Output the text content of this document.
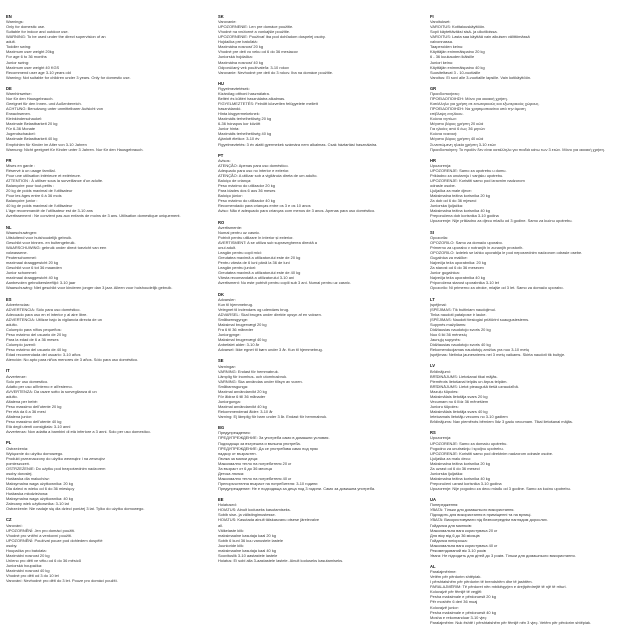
EN
Warnings:
Only for domestic use.
Suitable for indoor and outdoor use.
WARNING: To be used under the direct supervision of an
adult.
Toddler swing:
Maximum user weight 20kg
For age 6 to 36 months
Junior swing:
Maximum user weight 40 KGS
Recommend user age 3-10 years old
Warning: Not suitable for children under 3 years. Only for domestic use.
DE
Warnhinweise:
Nur für den Hausgebrauch.
Geeignet für den Innen- und Außenbereich.
ACHTUNG: Benutzung unter unmittelbarer Aufsicht von
Erwachsenen.
Kleinkinderschaukel:
Maximale Belastbarkeit 20 kg
Für 6-36 Monate
Jugendschaukel:
Maximale Belastbarkeit 40 kg
Empfohlen für Kinder im Alter von 3-10 Jahren
Warnung: Nicht geeignet für Kinder unter 3 Jahren. Nur für den Hausgebrauch.
FR
Mises en garde :
Réservé à un usage familial.
Pour une utilisation intérieure et extérieure.
ATTENTION : À utiliser sous la surveillance d'un adulte.
Balançoire pour tout-petits :
20 kg de poids maximal de l'utilisateur
Pour les âges entre 6 à 36 mois
Balançoire junior :
40 kg de poids maximal de l'utilisateur
L'âge recommandé de l'utilisateur est de 3-10 ans
Avertissement : Ne convient pas aux enfants de moins de 3 ans. Utilisation domestique uniquement.
NL
Waarschuwingen:
Uitsluitend voor huishoudelijk gebruik.
Geschikt voor binnen- en buitengebruik.
WAARSCHUWING: gebruik onder direct toezicht van een
volwassene.
Peuterschommel:
maximaal draaggewicht 20 kg
Geschikt voor 6 tot 36 maanden
Junior schommel:
maximaal draaggewicht 40 kg
Aanbevolen gebruikersleeftijd: 3-10 jaar
Waarschuwing: Niet geschikt voor kinderen jonger dan 3 jaar. Alleen voor huishoudelijk gebruik.
ES
Advertencias:
ADVERTENCIA: Sólo para uso doméstico.
Adecuado para uso en el interior y al aire libre.
ADVERTENCIA: Utilizar bajo la vigilancia directa de un
adulto.
Columpio para niños pequeños:
Peso máximo del usuario de 20 kg
Para la edad de 6 a 36 meses
Columpio juvenil:
Peso máximo del usuario de 40 kg
Edad recomendada del usuario: 3-10 años
Atención: No apto para niños menores de 3 años. Sólo para uso doméstico.
IT
Avvertenze:
Solo per uso domestico.
Adatto per uso all'interno e all'esterno.
AVVERTENZA: Da usare sotto la sorveglianza di un
adulto.
Altalena per bebè:
Peso massimo dell'utente 20 kg
Per età da 6 a 36 mesi
Altalena junior:
Peso massimo dell'utente 40 kg
Età degli utenti consigliata: 3-10 anni
Avvertenza: Non adatta a bambini di età inferiore a 3 anni. Solo per uso domestico.
PL
Ostrzeżenia:
Wyłącznie do użytku domowego.
Produkt przeznaczony do użytku wewnątrz i na zewnątrz
pomieszczeń.
OSTRZEŻENIE: Do użytku pod bezpośrednim nadzorem
osoby dorosłej.
Huśtawka dla maluchów:
Maksymalna waga użytkownika: 20 kg
Dla dzieci w wieku od 6 do 36 miesięcy
Huśtawka młodzieżowa:
Maksymalna waga użytkownika: 40 kg
Zalecany wiek użytkownika: 3-10 lat
Ostrzeżenie: Nie nadaje się dla dzieci poniżej 3 lat. Tylko do użytku domowego.
CZ
Varování:
UPOZORNĚNÍ: Jen pro domácí použití.
Vhodné pro vnitřní a venkovní použití.
UPOZORNĚNÍ: Používat pouze pod dohledem dospělé
osoby.
Houpačka pro batolata:
Maximální nosnost 20 kg
Určeno pro děti ve věku od 6 do 36 měsíců
Juniorská houpačka:
Maximální nosnost 40 kg
Vhodné pro děti od 3 do 10 let
Varování: Nevhodné pro děti do 3 let. Pouze pro domácí použití.
SK
Varovanie:
UPOZORNENIE: Len pre domáce použitie.
Vhodné na vnútorné a vonkajšie použitie.
UPOZORNENIE: Používať iba pod dohľadom dospelej osoby.
Hojdačka pre batoľatá:
Maximálna nosnosť 20 kg
Vhodné pre deti vo veku od 6 do 36 mesiacov
Juniorská hojdačka:
Maximálna nosnosť 40 kg
Odporúčaný vek používateľa: 3-10 rokov
Varovanie: Nevhodné pre deti do 3 rokov. Iba na domáce použitie.
HU
Figyelmeztetések:
Kizárólag otthoni használatra.
Beltéri és kültéri használatra alkalmas.
FIGYELMEZTETÉS: Felnőtt közvetlen felügyelete mellett
használandó.
Hinta kisgyermekeknek:
Maximális terhelhetőség 20 kg
6-36 hónapos kor között
Junior hinta:
Maximális terhelhetőség 40 kg
Ajánlott életkor: 3-10 év
Figyelmeztetés: 3 év alatti gyermekek számára nem alkalmas. Csak háztartási használatra.
PT
Avisos:
ATENÇÃO: Apenas para uso doméstico.
Adequado para uso no interior e exterior.
ATENÇÃO: A utilizar sob a vigilância direta de um adulto.
Baloiço de criança:
Peso máximo do utilizador 20 kg
Para idades dos 6 aos 36 meses
Baloiço júnior:
Peso máximo do utilizador 40 kg
Recomendado para crianças entre os 3 e os 10 anos
Aviso: Não é adequado para crianças com menos de 3 anos. Apenas para uso doméstico.
RO
Avertismente:
Numai pentru uz casnic.
Potrivit pentru utilizare în interior și exterior.
AVERTISMENT: A se utiliza sub supravegherea directă a
unui adult.
Leagăn pentru copii mici:
Greutatea maximă a utilizatorului este de 20 kg
Pentru vârsta de 6 luni până la 36 de luni
Leagăn pentru juniori:
Greutatea maximă a utilizatorului este de 40 kg
Vârsta recomandată a utilizatorului 3-10 ani
Avertisment: Nu este potrivit pentru copiii sub 3 ani. Numai pentru uz casnic.
DK
Advarsler:
Kun til hjemmebrug.
Velegnet til indendørs og udendørs brug.
ADVARSEL: Skal bruges under direkte opsyn af en voksen.
Småbørnsgynge:
Maksimal brugervægt 20 kg
Fra 6 til 36 måneder
Juniorgynge:
Maksimal brugervægt 40 kg
Anbefalet alder: 3-10 år
Advarsel: Ikke egnet til børn under 3 år. Kun til hjemmebrug.
SE
Varningar:
VARNING: Endast för hemmabruk.
Lämplig för inomhus- och utomhusbruk.
VARNING: Ska användas under tillsyn av vuxen.
Småbarnsgunga:
Maximal användarvikt 20 kg
För åldrar 6 till 36 månader
Juniorgunga:
Maximal användarvikt 40 kg
Rekommenderad ålder: 3-10 år
Varning: Ej lämplig för barn under 3 år. Endast för hemmabruk.
BG
Предупреждения:
ПРЕДУПРЕЖДЕНИЕ: За употреба само в домашни условия.
Подходящо за вътрешна и външна употреба.
ПРЕДУПРЕЖДЕНИЕ: Да се употребява само под пряк
надзор от възрастен.
Люлка за малки деца:
Максимално тегло на потребителя 20 кг
За възраст от 6 до 36 месеца
Детска люлка:
Максимално тегло на потребителя 40 кг
Препоръчителна възраст на потребителя: 3-10 години
Предупреждение: Не е подходяща за деца под 3 години. Само за домашна употреба.
EE
Hoiatused:
HOIATUS: Ainult koduseks kasutamiseks.
Sobib sise- ja välistingimustesse.
HOIATUS: Kasutada ainult täiskasvanu otsese järelevalve
all.
Väikelaste kiik:
maksimaalne kasutaja kaal 20 kg
Sobib 6 kuni 36 kuu vanustele lastele
Juunioride kiik:
maksimaalne kasutaja kaal 40 kg
Soovituslik 3-10 aastastele lastele
Hoiatus: Ei sobi alla 3-aastastele lastele. Ainult koduseks kasutamiseks.
FI
Varoitukset:
VAROITUS: Kotitalouskäyttöön.
Sopii käytettäväksi sisä- ja ulkotiloissa.
VAROITUS: Lasta saa käyttää vain aikuisen välittömässä
valvonnassa.
Taaperoiden keinu:
Käyttäjän enimmäispaino 20 kg
6 - 36 kuukauden ikäisille
Juniori keinu:
Käyttäjän enimmäispaino 40 kg
Suositeltavat 3 - 10-vuotiaille
Varoitus: Ei sovi alle 3-vuotiaille lapsille. Vain kotikäyttöön.
GR
Προειδοποιήσεις:
ΠΡΟΕΙΔΟΠΟΙΗΣΗ: Μόνο για οικιακή χρήση.
Κατάλληλο για χρήση σε εσωτερικούς και εξωτερικούς χώρους.
ΠΡΟΕΙΔΟΠΟΙΗΣΗ: Να χρησιμοποιείται υπό την άμεση
επίβλεψη ενηλίκου.
Κούνια νηπίων:
Μέγιστο βάρος χρήστη 20 κιλά
Για ηλικίες από 6 έως 36 μηνών
Κούνια νεανική:
Μέγιστο βάρος χρήστη 40 κιλά
Συνιστώμενη ηλικία χρήστη 3-10 ετών
Προειδοποίηση: Το προϊόν δεν είναι κατάλληλο για παιδιά κάτω των 3 ετών. Μόνο για οικιακή χρήση.
HR
Upozorenja:
UPOZORENJE: Samo za upotrebu u domu.
Prikladno za unutarnju i vanjsku upotrebu.
UPOZORENJE: Koristiti samo pod izravnim nadzorom
odrasle osobe.
Ljuljačka za male djece:
Maksimalna težina korisnika 20 kg
Za dob od 6 do 36 mjeseci
Juniorska ljuljačka:
Maksimalna težina korisnika 40 kg
Preporučena dob korisnika 3-10 godina
Upozorenje: Nije prikladno za djecu mlađu od 3 godine. Samo za kućnu upotrebu.
SI
Opozorila:
OPOZORILO: Samo za domačo uporabo.
Primerno za uporabo v notranjih in zunanjih prostorih.
OPOZORILO: Izdelek se lahko uporablja le pod neposrednim nadzorom odrasle osebe.
Gugalnica za malčke:
Največja teža uporabnika: 20 kg
Za starost od 6 do 36 mesecev
Junior gugalnica:
Največja teža uporabnika 40 kg
Priporočena starost uporabnika 3-10 let
Opozorilo: Ni primerno za otroke, mlajše od 3 let. Samo za domačo uporabo.
LT
Įspėjimai:
ĮSPĖJIMAS: Tik buitiniam naudojimui.
Tinka naudoti patalpose ir lauke.
ĮSPĖJIMAS: Naudoti tiesiogiai prižiūrint suaugusiesiems.
Supynės mažyliams:
Didžiausias naudotojo svoris 20 kg
Nuo 6 iki 36 mėnesių
Jaunųjų supynės:
Didžiausias naudotojo svoris 40 kg
Rekomenduojamas naudotojų amžius yra nuo 3-10 metų
Įspėjimas: Netinka jaunesniems nei 3 metų vaikams. Skirta naudoti tik buityje.
LV
Brīdinājumi:
BRĪDINĀJUMS: Lietošanai tikai mājās.
Piemērots lietošanai telpās un ārpus telpām.
BRĪDINĀJUMS: Lietot pieaugušā tiešā uzraudzībā.
Mazuļu šūpoles:
Maksimālais lietotāja svars 20 kg
Vecumam no 6 līdz 36 mēnešiem
Junioru šūpoles:
Maksimālais lietotāja svars 40 kg
Ieteicamais lietotāju vecums no 3-10 gadiem
Brīdinājums: Nav piemērots bērniem līdz 3 gadu vecumam. Tikai lietošanai mājās.
RS
Upozorenja:
UPOZORENJE: Samo za domaću upotrebu.
Pogodno za unutrašnju i spoljnu upotrebu.
UPOZORENJE: Koristiti samo pod direktnim nadzorom odrasle osobe.
Ljuljaška za malu decu:
Maksimalna težina korisnika 20 kg
Za uzrast od 6 do 36 meseci
Juniorska ljuljaška:
Maksimalna težina korisnika 40 kg
Preporučeni uzrast korisnika 3-10 godina
Upozorenje: Nije pogodno za decu mlađu od 3 godine. Samo za kućnu upotrebu.
UA
Попередження:
УВАГА: Тільки для домашнього використання.
Підходить для використання в приміщенні та на вулиці.
УВАГА: Використовувати під безпосереднім наглядом дорослих.
Гойдалка для малюків:
Максимальна вага користувача 20 кг
Для віку від 6 до 36 місяців
Гойдалка юніорська:
Максимальна вага користувача 40 кг
Рекомендований вік 3-10 років
Увага: Не підходить для дітей до 3 років. Тільки для домашнього використання.
AL
Paralajmërime:
Vetëm për përdorim shtëpiak.
I përshtatshëm për përdorim të brendshëm dhe të jashtëm.
PARALAJMËRIM: Të përdoret nën mbikëqyrjen e drejtpërdrejtë të një të rrituri.
Kolovajzë për fëmijë të vegjël:
Pesha maksimale e përdoruesit 20 kg
Për moshën 6 deri 36 muaj
Kolovajzë junior:
Pesha maksimale e përdoruesit 40 kg
Mosha e rekomanduar 3-10 vjeç
Paralajmërim: Nuk është i përshtatshëm për fëmijë nën 3 vjeç. Vetëm për përdorim shtëpiak.
